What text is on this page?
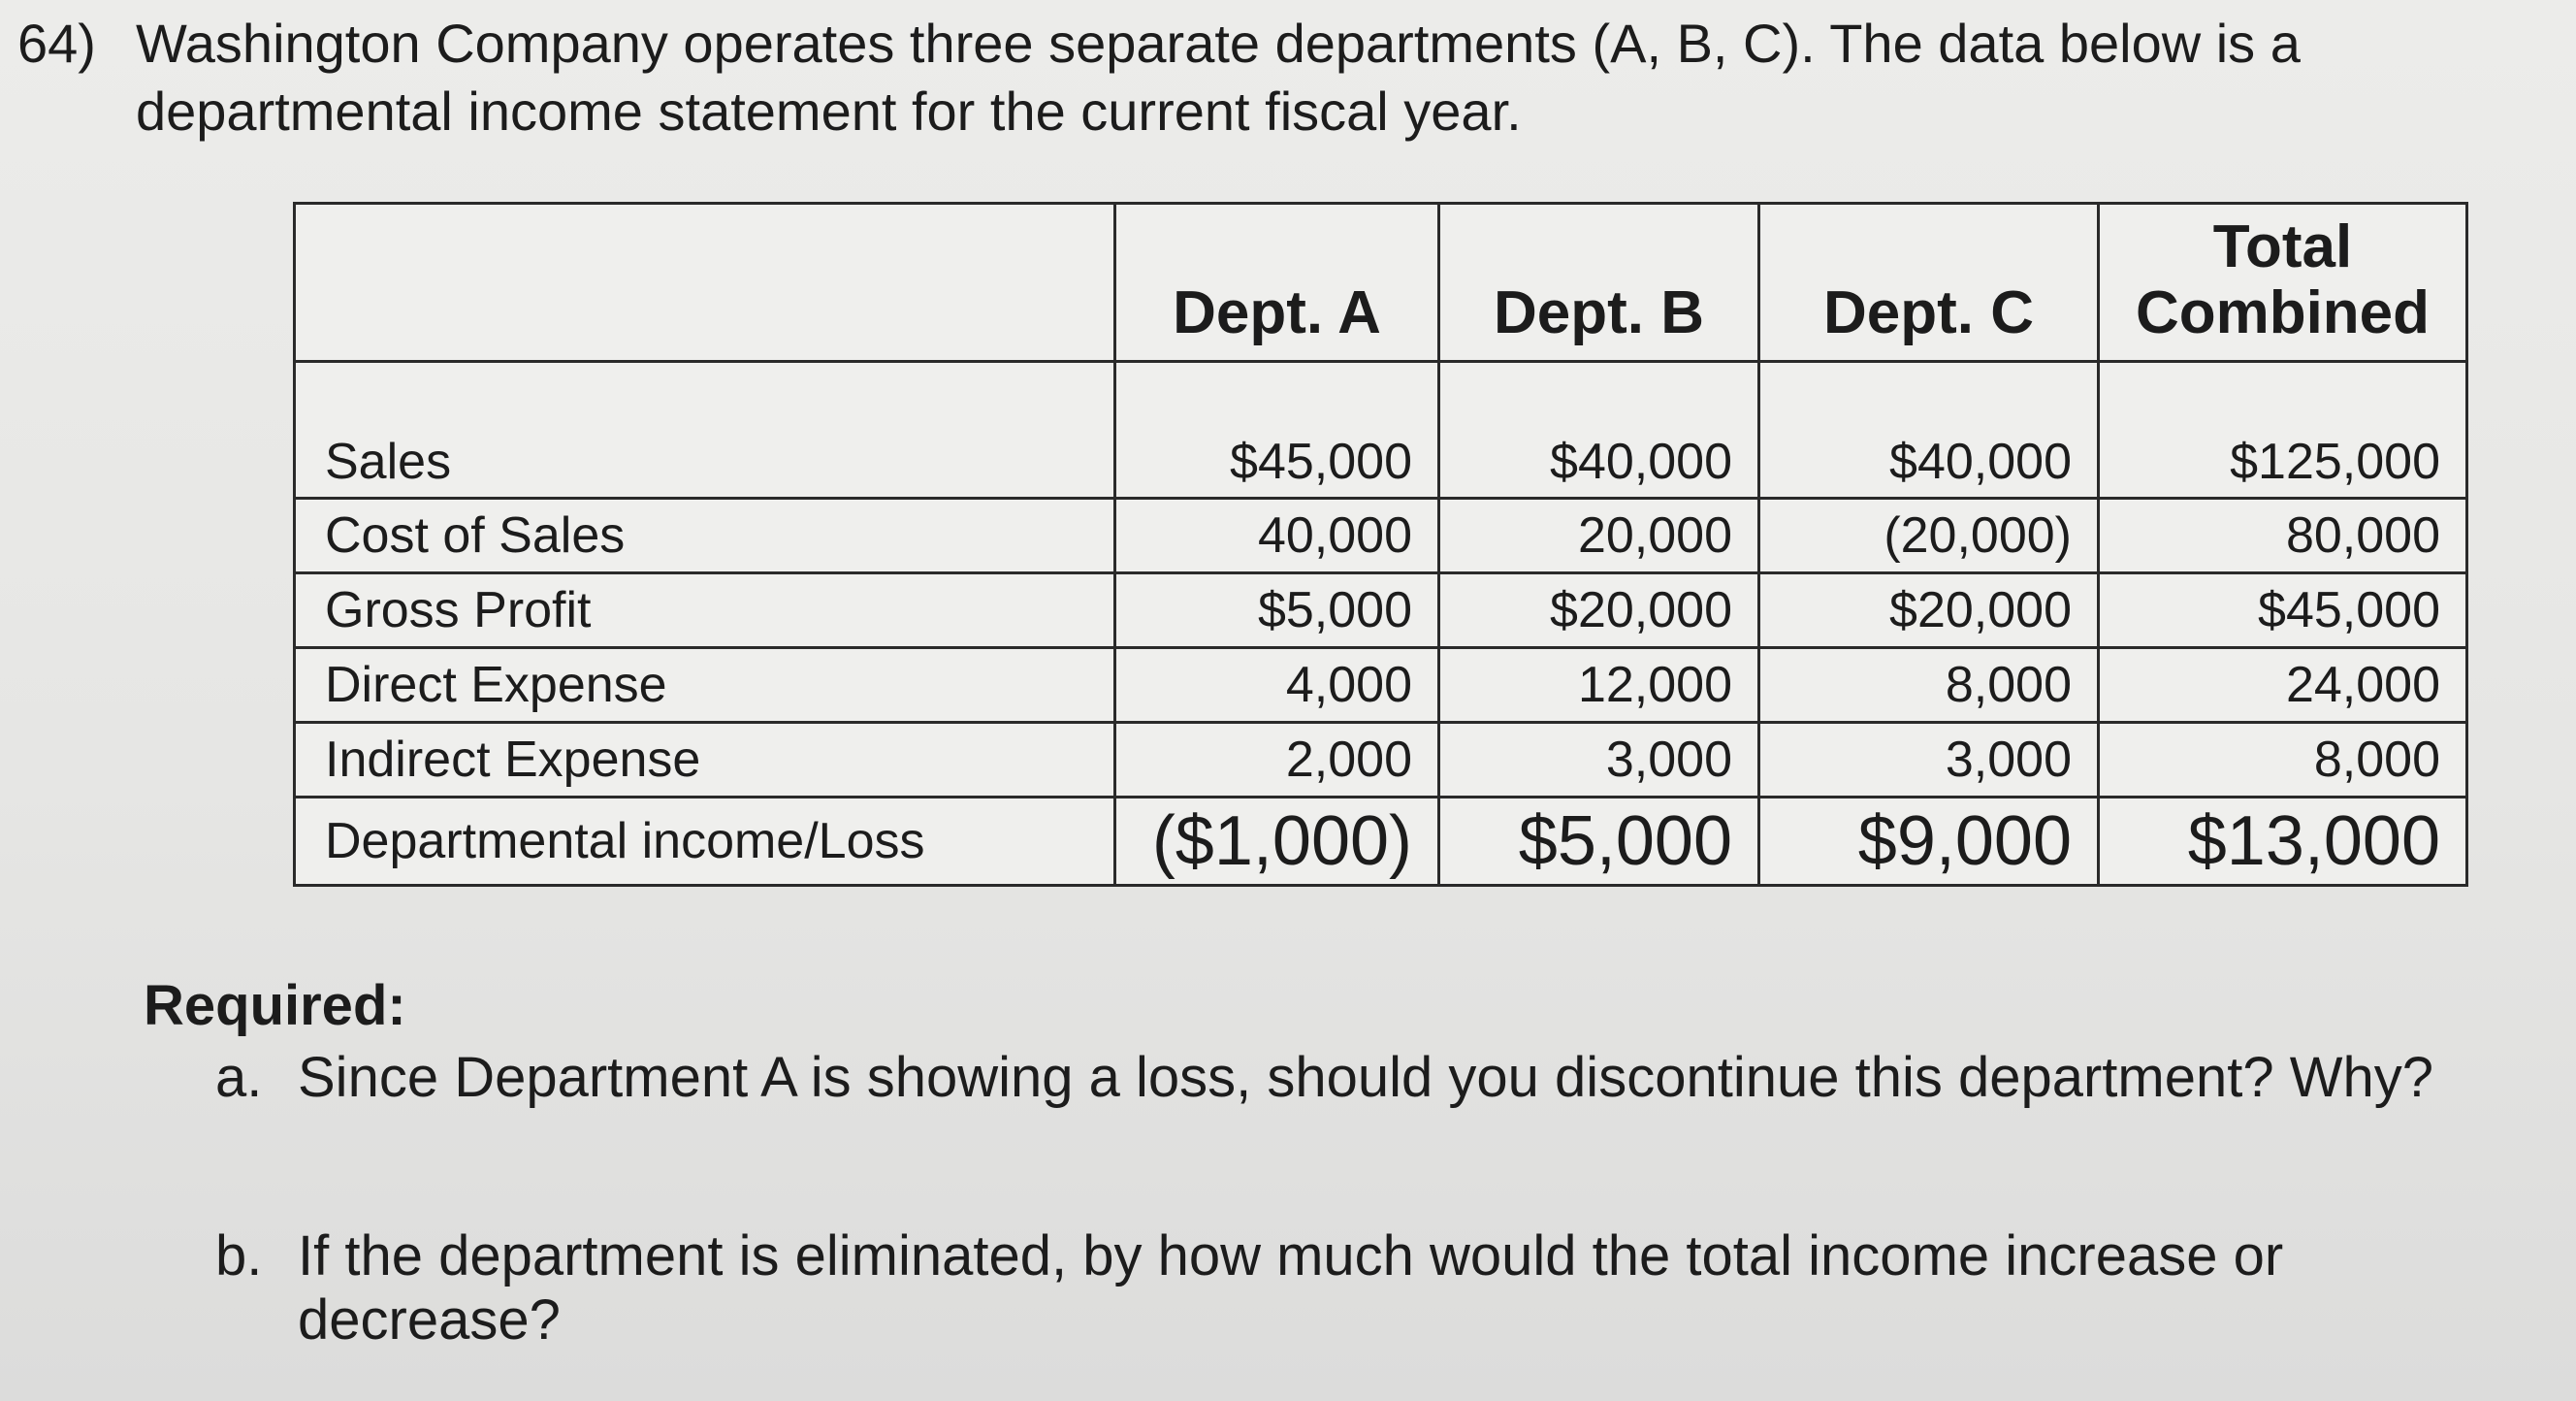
64) Washington Company operates three separate departments (A, B, C). The data below is a departmental income statement for the current fiscal year.
	Dept. A	Dept. B	Dept. C	Total Combined
Sales	$45,000	$40,000	$40,000	$125,000
Cost of Sales	40,000	20,000	(20,000)	80,000
Gross Profit	$5,000	$20,000	$20,000	$45,000
Direct Expense	4,000	12,000	8,000	24,000
Indirect Expense	2,000	3,000	3,000	8,000
Departmental income/Loss	($1,000)	$5,000	$9,000	$13,000
Required:
a. Since Department A is showing a loss, should you discontinue this department? Why?
b. If the department is eliminated, by how much would the total income increase or decrease?
